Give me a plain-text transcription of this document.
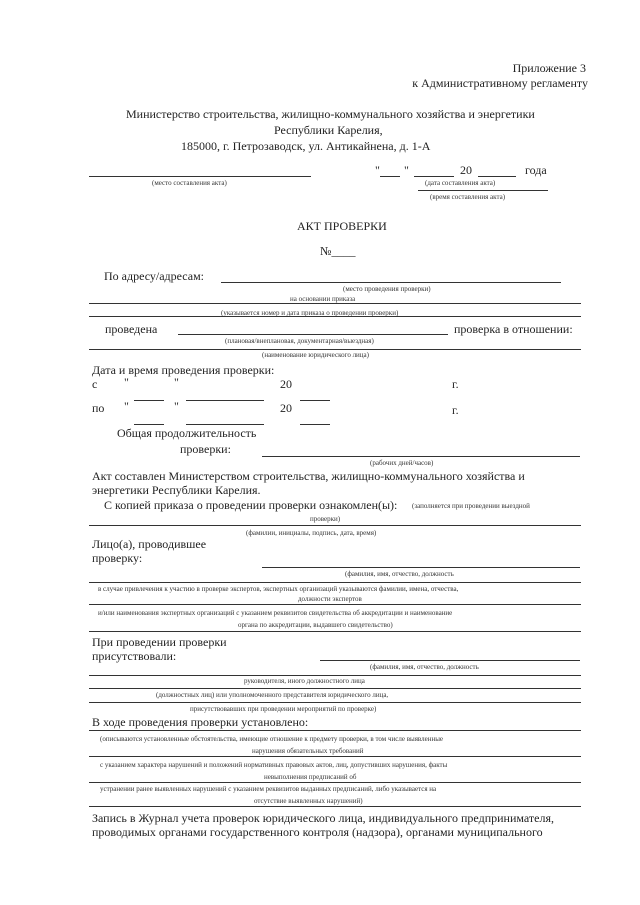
Приложение 3
к Административному регламенту
Министерство строительства, жилищно-коммунального хозяйства и энергетики
Республики Карелия,
185000, г. Петрозаводск, ул. Антикайнена, д. 1-А
(место составления акта)
" "	20	года
(дата составления акта)
(время составления акта)
АКТ ПРОВЕРКИ
№____
По адресу/адресам:
(место проведения проверки)
на основании приказа
(указывается номер и дата приказа о проведении проверки)
проведена	проверка в отношении:
(плановая/внеплановая, документарная/выездная)
(наименование юридического лица)
Дата и время проведения проверки:
с "	"	20	г.
по "	"	20	г.
Общая продолжительность
проверки:
(рабочих дней/часов)
Акт составлен Министерством строительства, жилищно-коммунального хозяйства и
энергетики Республики Карелия.
С копией приказа о проведении проверки ознакомлен(ы): (заполняется при проведении выездной
проверки)
(фамилии, инициалы, подпись, дата, время)
Лицо(а), проводившее
проверку:
(фамилия, имя, отчество, должность
в случае привлечения к участию в проверке экспертов, экспертных организаций указываются фамилии, имена, отчества,
должности экспертов
и/или наименования экспертных организаций с указанием реквизитов свидетельства об аккредитации и наименование
органа по аккредитации, выдавшего свидетельство)
При проведении проверки
присутствовали:
(фамилия, имя, отчество, должность
руководителя, иного должностного лица
(должностных лиц) или уполномоченного представителя юридического лица,
присутствовавших при проведении мероприятий по проверке)
В ходе проведения проверки установлено:
(описываются установленные обстоятельства, имеющие отношение к предмету проверки, в том числе выявленные
нарушения обязательных требований
с указанием характера нарушений и положений нормативных правовых актов, лиц, допустивших нарушения, факты
невыполнения предписаний об
устранении ранее выявленных нарушений с указанием реквизитов выданных предписаний, либо указывается на
отсутствие выявленных нарушений)
Запись в Журнал учета проверок юридического лица, индивидуального предпринимателя,
проводимых органами государственного контроля (надзора), органами муниципального
